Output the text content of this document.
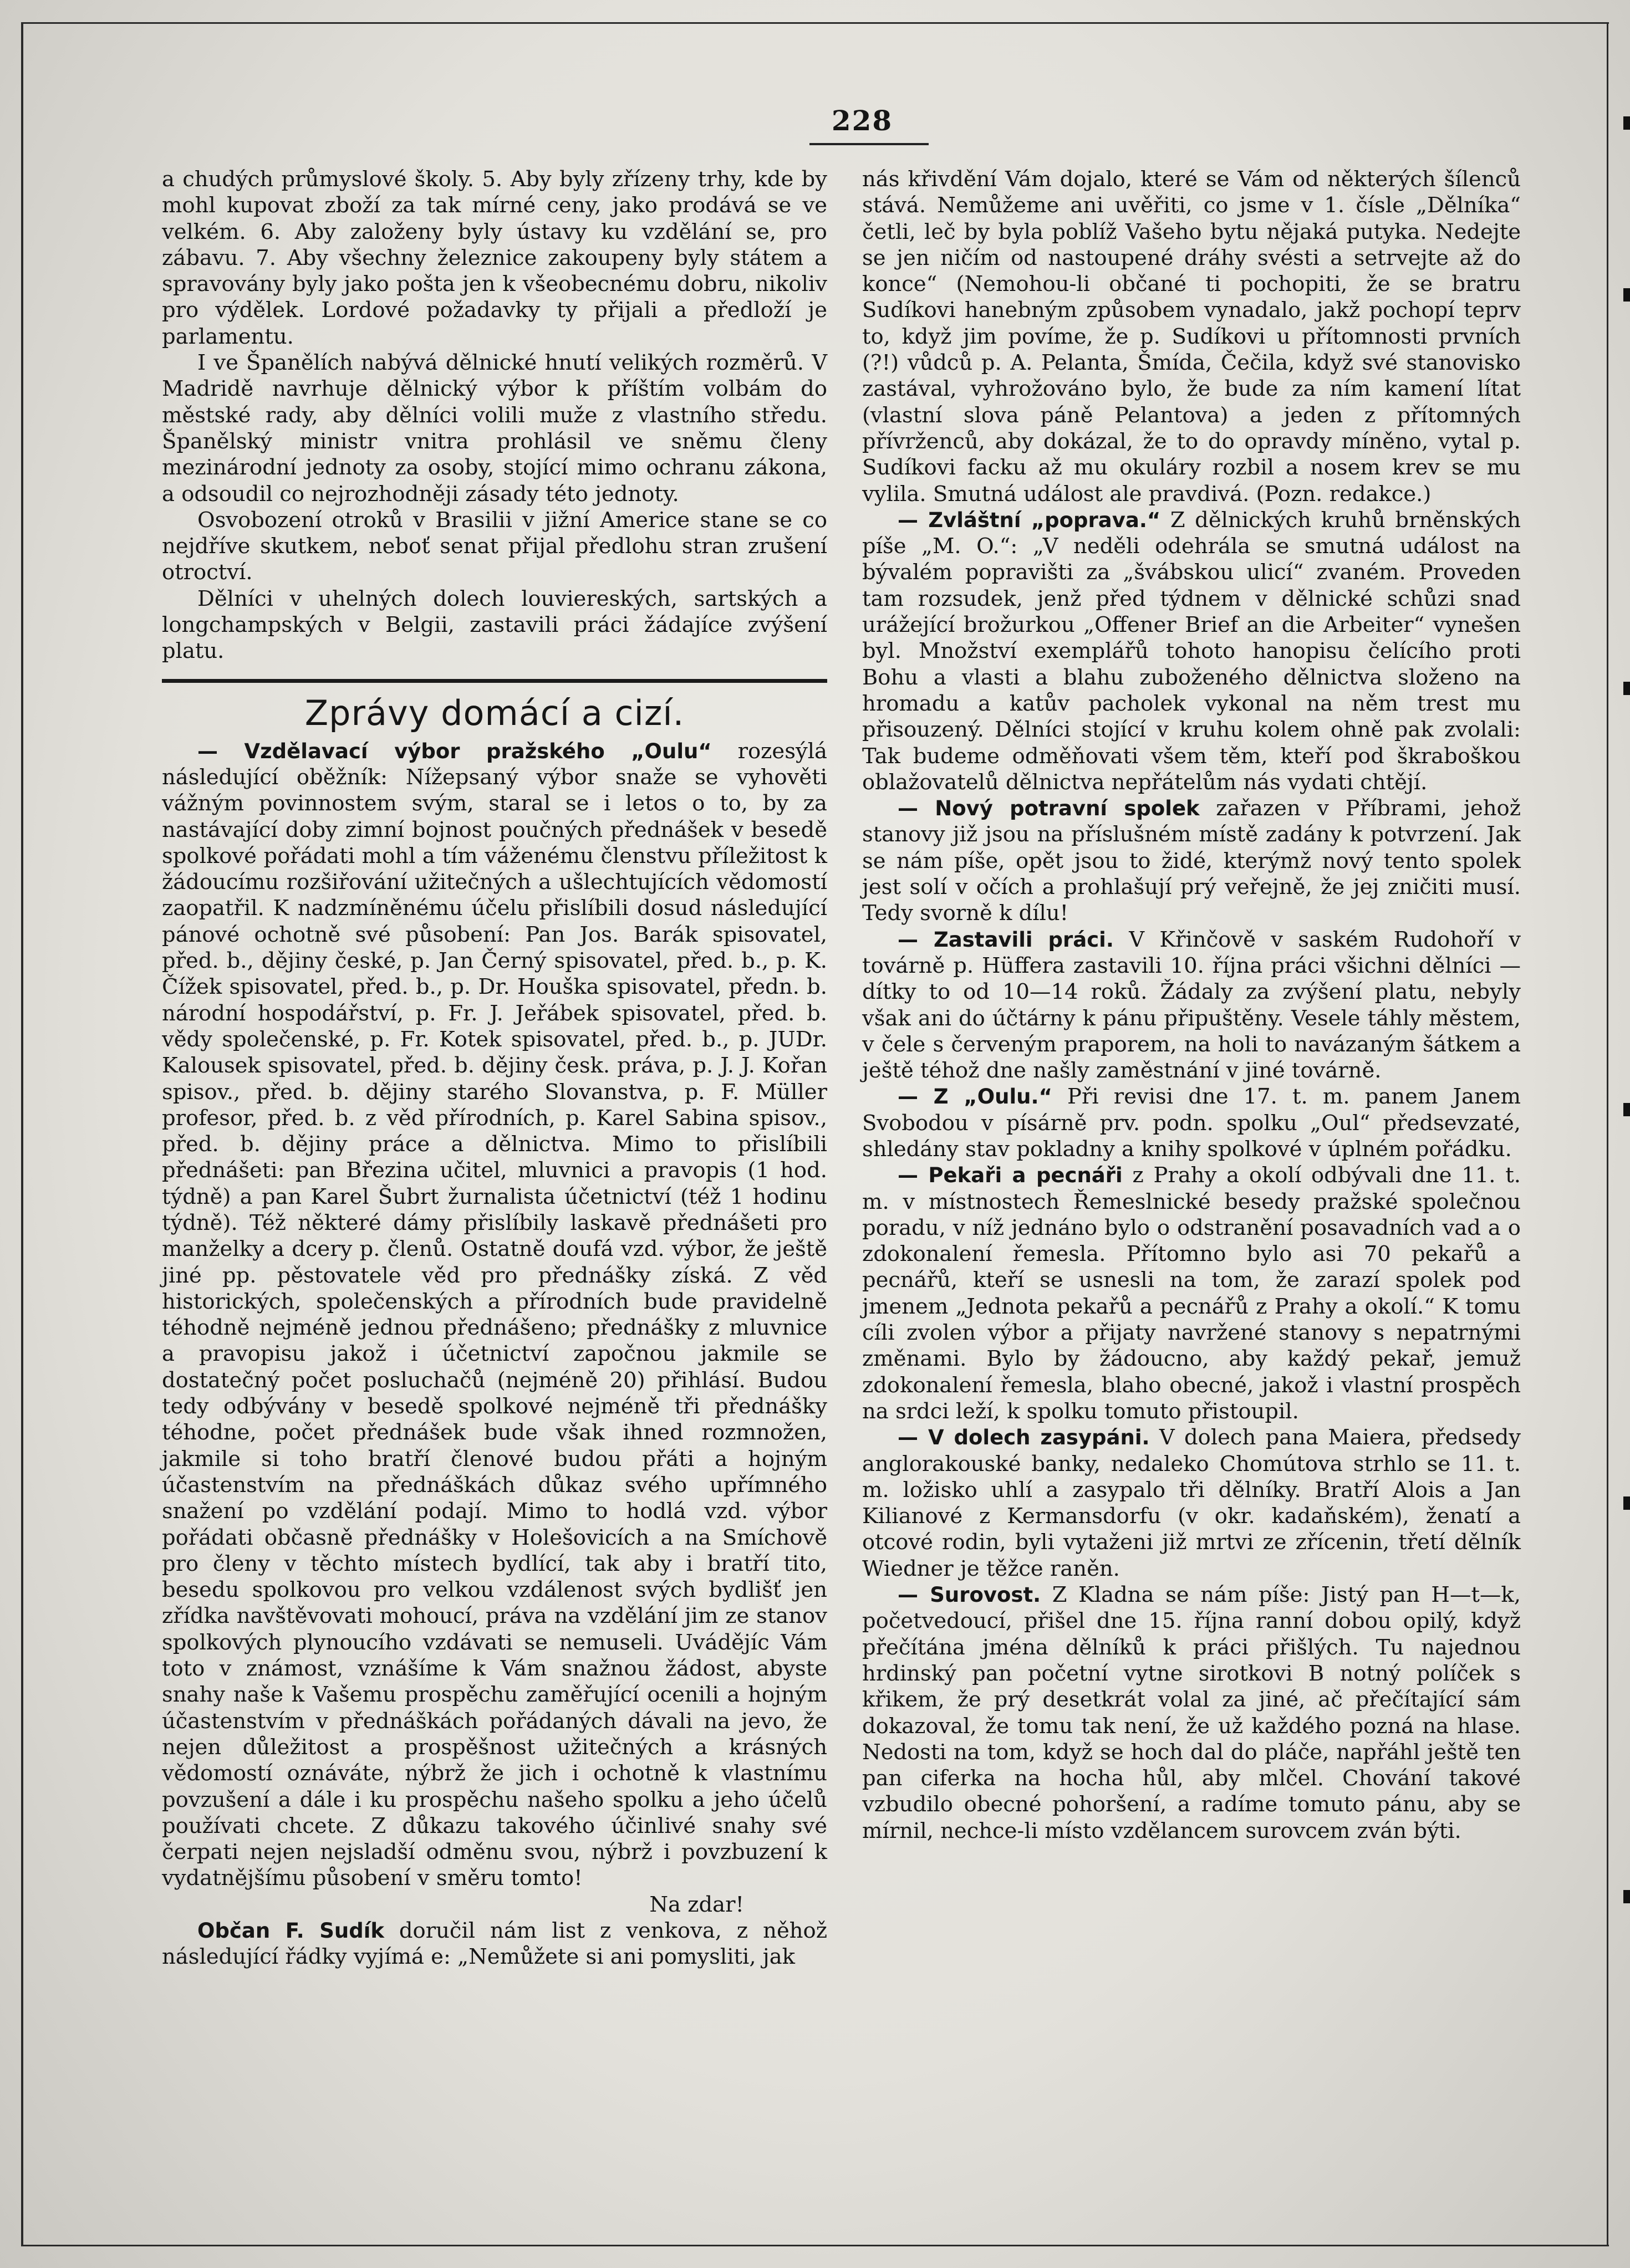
228

a chudých průmyslové školy. 5. Aby byly zřízeny trhy, kde by mohl kupovat zboží za tak mírné ceny, jako prodává se ve velkém. 6. Aby založeny byly ústavy ku vzdělání se, pro zábavu. 7. Aby všechny železnice zakoupeny byly státem a spravovány byly jako pošta jen k všeobecnému dobru, nikoliv pro výdělek. Lordové požadavky ty přijali a předloží je parlamentu.

I ve Španělích nabývá dělnické hnutí velikých rozměrů. V Madridě navrhuje dělnický výbor k příštím volbám do městské rady, aby dělníci volili muže z vlastního středu. Španělský ministr vnitra prohlásil ve sněmu členy mezinárodní jednoty za osoby, stojící mimo ochranu zákona, a odsoudil co nejrozhodněji zásady této jednoty.

Osvobození otroků v Brasilii v jižní Americe stane se co nejdříve skutkem, neboť senat přijal předlohu stran zrušení otroctví.

Dělníci v uhelných dolech louviereských, sartských a longchampských v Belgii, zastavili práci žádajíce zvýšení platu.

Zprávy domácí a cizí.

— Vzdělavací výbor pražského „Oulu“ rozesýlá následující oběžník: Nížepsaný výbor snaže se vyhověti vážným povinnostem svým, staral se i letos o to, by za nastávající doby zimní bojnost poučných přednášek v besedě spolkové pořádati mohl a tím váženému členstvu příležitost k žádoucímu rozšiřování užitečných a ušlechtujících vědomostí zaopatřil. K nadzmíněnému účelu přislíbili dosud následující pánové ochotně své působení: Pan Jos. Barák spisovatel, před. b., dějiny české, p. Jan Černý spisovatel, před. b., p. K. Čížek spisovatel, před. b., p. Dr. Houška spisovatel, předn. b. národní hospodářství, p. Fr. J. Jeřábek spisovatel, před. b. vědy společenské, p. Fr. Kotek spisovatel, před. b., p. JUDr. Kalousek spisovatel, před. b. dějiny česk. práva, p. J. J. Kořan spisov., před. b. dějiny starého Slovanstva, p. F. Müller profesor, před. b. z věd přírodních, p. Karel Sabina spisov., před. b. dějiny práce a dělnictva. Mimo to přislíbili přednášeti: pan Březina učitel, mluvnici a pravopis (1 hod. týdně) a pan Karel Šubrt žurnalista účetnictví (též 1 hodinu týdně). Též některé dámy přislíbily laskavě přednášeti pro manželky a dcery p. členů. Ostatně doufá vzd. výbor, že ještě jiné pp. pěstovatele věd pro přednášky získá. Z věd historických, společenských a přírodních bude pravidelně téhodně nejméně jednou přednášeno; přednášky z mluvnice a pravopisu jakož i účetnictví započnou jakmile se dostatečný počet posluchačů (nejméně 20) přihlásí. Budou tedy odbývány v besedě spolkové nejméně tři přednášky téhodne, počet přednášek bude však ihned rozmnožen, jakmile si toho bratří členové budou přáti a hojným účastenstvím na přednáškách důkaz svého upřímného snažení po vzdělání podají. Mimo to hodlá vzd. výbor pořádati občasně přednášky v Holešovicích a na Smíchově pro členy v těchto místech bydlící, tak aby i bratří tito, besedu spolkovou pro velkou vzdálenost svých bydlišť jen zřídka navštěvovati mohoucí, práva na vzdělání jim ze stanov spolkových plynoucího vzdávati se nemuseli. Uvádějíc Vám toto v známost, vznášíme k Vám snažnou žádost, abyste snahy naše k Vašemu prospěchu zaměřující ocenili a hojným účastenstvím v přednáškách pořádaných dávali na jevo, že nejen důležitost a prospěšnost užitečných a krásných vědomostí oznáváte, nýbrž že jich i ochotně k vlastnímu povzušení a dále i ku prospěchu našeho spolku a jeho účelů používati chcete. Z důkazu takového účinlivé snahy své čerpati nejen nejsladší odměnu svou, nýbrž i povzbuzení k vydatnějšímu působení v směru tomto!

Na zdar!

Občan F. Sudík doručil nám list z venkova, z něhož následující řádky vyjímá e: „Nemůžete si ani pomysliti, jak

nás křivdění Vám dojalo, které se Vám od některých šílenců stává. Nemůžeme ani uvěřiti, co jsme v 1. čísle „Dělníka“ četli, leč by byla poblíž Vašeho bytu nějaká putyka. Nedejte se jen ničím od nastoupené dráhy svésti a setrvejte až do konce“ (Nemohou-li občané ti pochopiti, že se bratru Sudíkovi hanebným způsobem vynadalo, jakž pochopí teprv to, když jim povíme, že p. Sudíkovi u přítomnosti prvních (?!) vůdců p. A. Pelanta, Šmída, Čečila, když své stanovisko zastával, vyhrožováno bylo, že bude za ním kamení lítat (vlastní slova páně Pelantova) a jeden z přítomných přívrženců, aby dokázal, že to do opravdy míněno, vytal p. Sudíkovi facku až mu okuláry rozbil a nosem krev se mu vylila. Smutná událost ale pravdivá. (Pozn. redakce.)

— Zvláštní „poprava.“ Z dělnických kruhů brněnských píše „M. O.“: „V neděli odehrála se smutná událost na bývalém popravišti za „švábskou ulicí“ zvaném. Proveden tam rozsudek, jenž před týdnem v dělnické schůzi snad urážející brožurkou „Offener Brief an die Arbeiter“ vynešen byl. Množství exemplářů tohoto hanopisu čelícího proti Bohu a vlasti a blahu zuboženého dělnictva složeno na hromadu a katův pacholek vykonal na něm trest mu přisouzený. Dělníci stojící v kruhu kolem ohně pak zvolali: Tak budeme odměňovati všem těm, kteří pod škraboškou oblažovatelů dělnictva nepřátelům nás vydati chtějí.

— Nový potravní spolek zařazen v Příbrami, jehož stanovy již jsou na příslušném místě zadány k potvrzení. Jak se nám píše, opět jsou to židé, kterýmž nový tento spolek jest solí v očích a prohlašují prý veřejně, že jej zničiti musí. Tedy svorně k dílu!

— Zastavili práci. V Křinčově v saském Rudohoří v továrně p. Hüffera zastavili 10. října práci všichni dělníci — dítky to od 10—14 roků. Žádaly za zvýšení platu, nebyly však ani do účtárny k pánu připuštěny. Vesele táhly městem, v čele s červeným praporem, na holi to navázaným šátkem a ještě téhož dne našly zaměstnání v jiné továrně.

— Z „Oulu.“ Při revisi dne 17. t. m. panem Janem Svobodou v písárně prv. podn. spolku „Oul“ předsevzaté, shledány stav pokladny a knihy spolkové v úplném pořádku.

— Pekaři a pecnáři z Prahy a okolí odbývali dne 11. t. m. v místnostech Řemeslnické besedy pražské společnou poradu, v níž jednáno bylo o odstranění posavadních vad a o zdokonalení řemesla. Přítomno bylo asi 70 pekařů a pecnářů, kteří se usnesli na tom, že zarazí spolek pod jmenem „Jednota pekařů a pecnářů z Prahy a okolí.“ K tomu cíli zvolen výbor a přijaty navržené stanovy s nepatrnými změnami. Bylo by žádoucno, aby každý pekař, jemuž zdokonalení řemesla, blaho obecné, jakož i vlastní prospěch na srdci leží, k spolku tomuto přistoupil.

— V dolech zasypáni. V dolech pana Maiera, předsedy anglorakouské banky, nedaleko Chomútova strhlo se 11. t. m. ložisko uhlí a zasypalo tři dělníky. Bratří Alois a Jan Kilianové z Kermansdorfu (v okr. kadaňském), ženatí a otcové rodin, byli vytaženi již mrtvi ze zřícenin, třetí dělník Wiedner je těžce raněn.

— Surovost. Z Kladna se nám píše: Jistý pan H—t—k, početvedoucí, přišel dne 15. října ranní dobou opilý, když přečítána jména dělníků k práci přišlých. Tu najednou hrdinský pan početní vytne sirotkovi B notný políček s křikem, že prý desetkrát volal za jiné, ač přečítající sám dokazoval, že tomu tak není, že už každého pozná na hlase. Nedosti na tom, když se hoch dal do pláče, napřáhl ještě ten pan ciferka na hocha hůl, aby mlčel. Chování takové vzbudilo obecné pohoršení, a radíme tomuto pánu, aby se mírnil, nechce-li místo vzdělancem surovcem zván býti.
